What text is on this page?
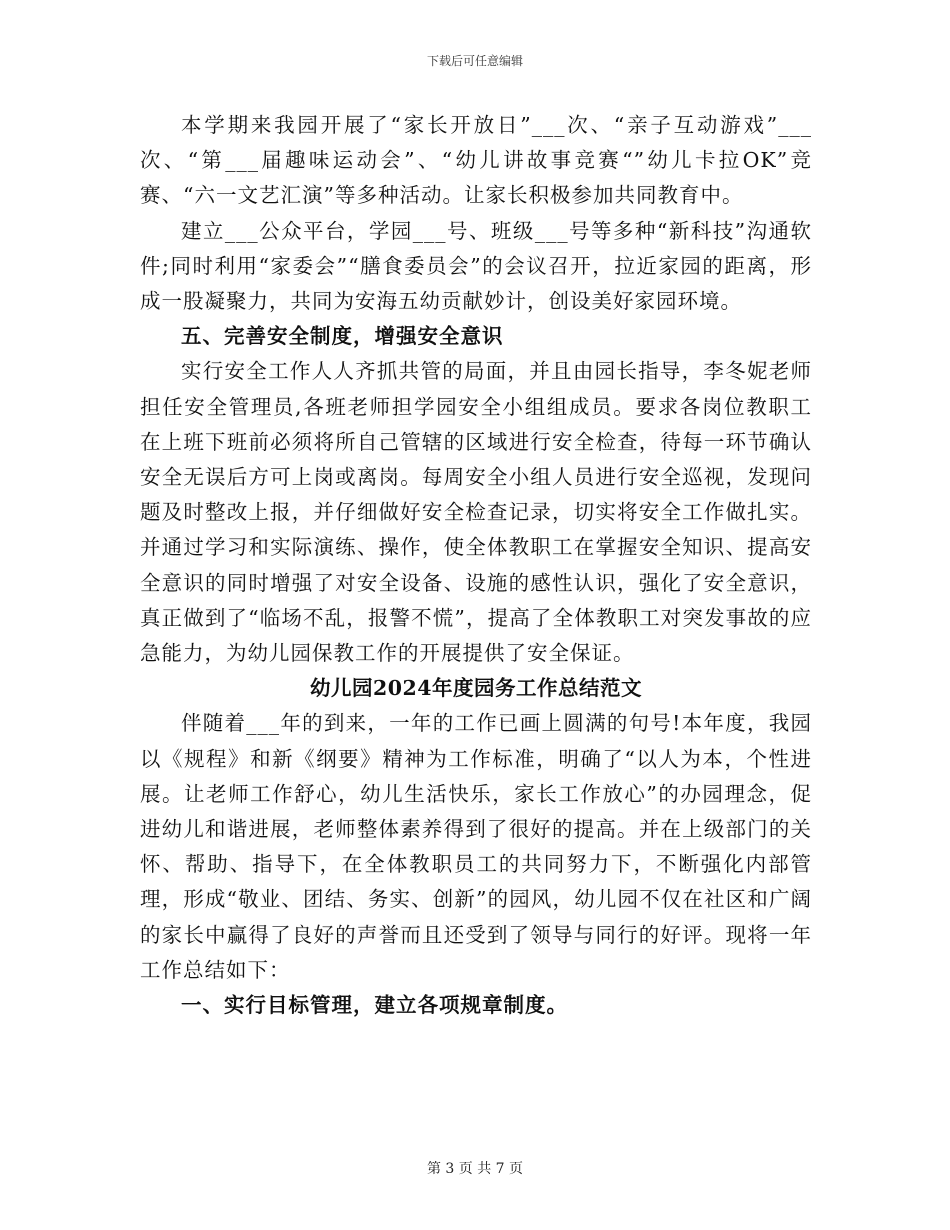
下载后可任意编辑

本学期来我园开展了“家长开放日”___次、“亲子互动游戏”___次、“第___届趣味运动会”、“幼儿讲故事竞赛“”幼儿卡拉OK”竞赛、“六一文艺汇演”等多种活动。让家长积极参加共同教育中。

建立___公众平台，学园___号、班级___号等多种“新科技”沟通软件;同时利用“家委会”“膳食委员会”的会议召开，拉近家园的距离，形成一股凝聚力，共同为安海五幼贡献妙计，创设美好家园环境。

五、完善安全制度，增强安全意识

实行安全工作人人齐抓共管的局面，并且由园长指导，李冬妮老师担任安全管理员,各班老师担学园安全小组组成员。要求各岗位教职工在上班下班前必须将所自己管辖的区域进行安全检查，待每一环节确认安全无误后方可上岗或离岗。每周安全小组人员进行安全巡视，发现问题及时整改上报，并仔细做好安全检查记录，切实将安全工作做扎实。并通过学习和实际演练、操作，使全体教职工在掌握安全知识、提高安全意识的同时增强了对安全设备、设施的感性认识，强化了安全意识，真正做到了“临场不乱，报警不慌”，提高了全体教职工对突发事故的应急能力，为幼儿园保教工作的开展提供了安全保证。

幼儿园2024年度园务工作总结范文

伴随着___年的到来，一年的工作已画上圆满的句号!本年度，我园以《规程》和新《纲要》精神为工作标准，明确了“以人为本，个性进展。让老师工作舒心，幼儿生活快乐，家长工作放心”的办园理念，促进幼儿和谐进展，老师整体素养得到了很好的提高。并在上级部门的关怀、帮助、指导下，在全体教职员工的共同努力下，不断强化内部管理，形成“敬业、团结、务实、创新”的园风，幼儿园不仅在社区和广阔的家长中赢得了良好的声誉而且还受到了领导与同行的好评。现将一年工作总结如下：

一、实行目标管理，建立各项规章制度。

第 3 页 共 7 页
